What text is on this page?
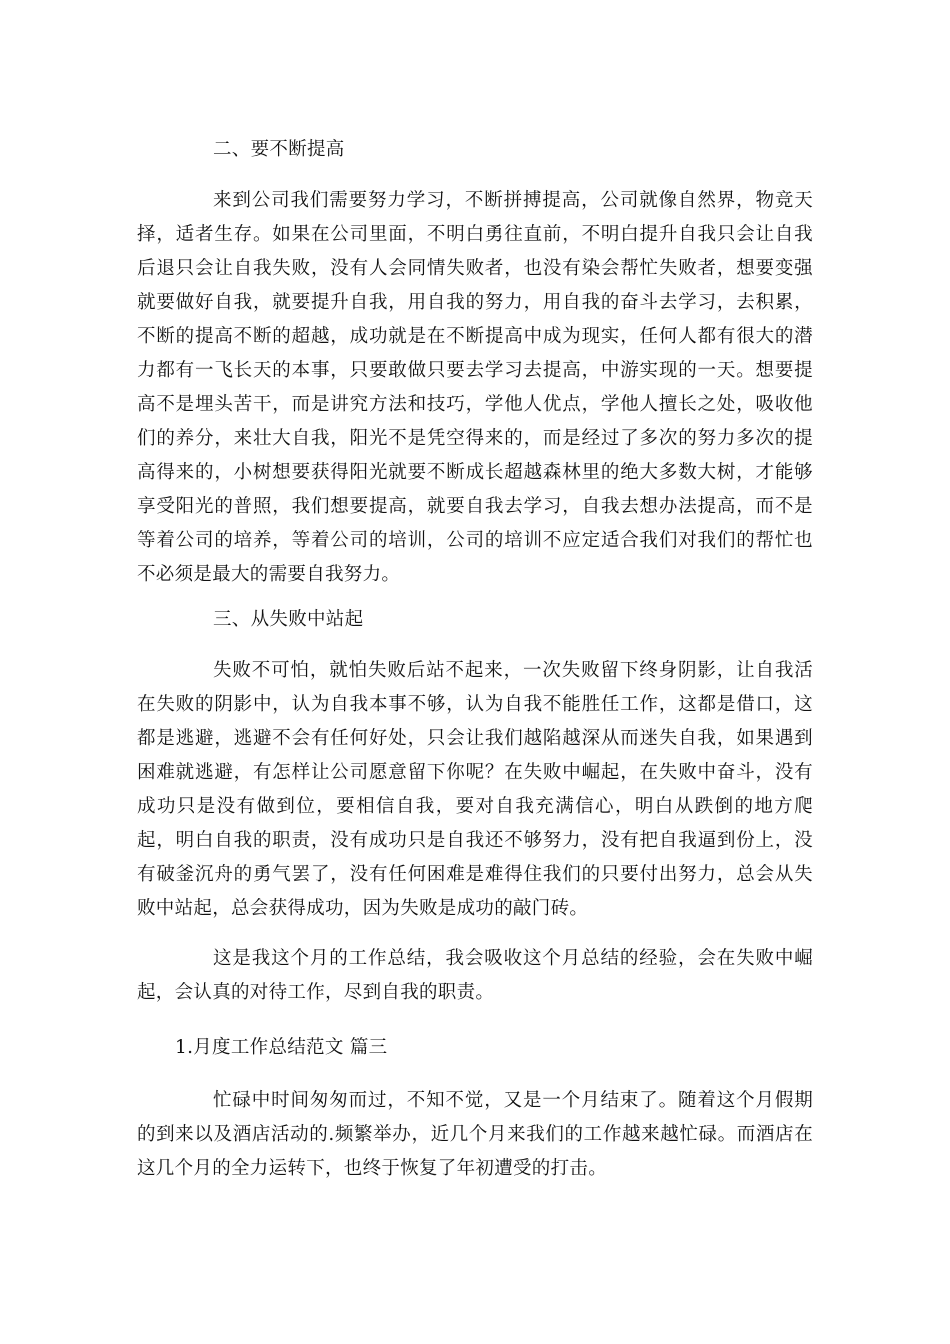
二、要不断提高

来到公司我们需要努力学习，不断拼搏提高，公司就像自然界，物竞天择，适者生存。如果在公司里面，不明白勇往直前，不明白提升自我只会让自我后退只会让自我失败，没有人会同情失败者，也没有染会帮忙失败者，想要变强就要做好自我，就要提升自我，用自我的努力，用自我的奋斗去学习，去积累，不断的提高不断的超越，成功就是在不断提高中成为现实，任何人都有很大的潜力都有一飞长天的本事，只要敢做只要去学习去提高，中游实现的一天。想要提高不是埋头苦干，而是讲究方法和技巧，学他人优点，学他人擅长之处，吸收他们的养分，来壮大自我，阳光不是凭空得来的，而是经过了多次的努力多次的提高得来的，小树想要获得阳光就要不断成长超越森林里的绝大多数大树，才能够享受阳光的普照，我们想要提高，就要自我去学习，自我去想办法提高，而不是等着公司的培养，等着公司的培训，公司的培训不应定适合我们对我们的帮忙也不必须是最大的需要自我努力。

三、从失败中站起

失败不可怕，就怕失败后站不起来，一次失败留下终身阴影，让自我活在失败的阴影中，认为自我本事不够，认为自我不能胜任工作，这都是借口，这都是逃避，逃避不会有任何好处，只会让我们越陷越深从而迷失自我，如果遇到困难就逃避，有怎样让公司愿意留下你呢？在失败中崛起，在失败中奋斗，没有成功只是没有做到位，要相信自我，要对自我充满信心，明白从跌倒的地方爬起，明白自我的职责，没有成功只是自我还不够努力，没有把自我逼到份上，没有破釜沉舟的勇气罢了，没有任何困难是难得住我们的只要付出努力，总会从失败中站起，总会获得成功，因为失败是成功的敲门砖。

这是我这个月的工作总结，我会吸收这个月总结的经验，会在失败中崛起，会认真的对待工作，尽到自我的职责。

1.月度工作总结范文 篇三

忙碌中时间匆匆而过，不知不觉，又是一个月结束了。随着这个月假期的到来以及酒店活动的.频繁举办，近几个月来我们的工作越来越忙碌。而酒店在这几个月的全力运转下，也终于恢复了年初遭受的打击。
